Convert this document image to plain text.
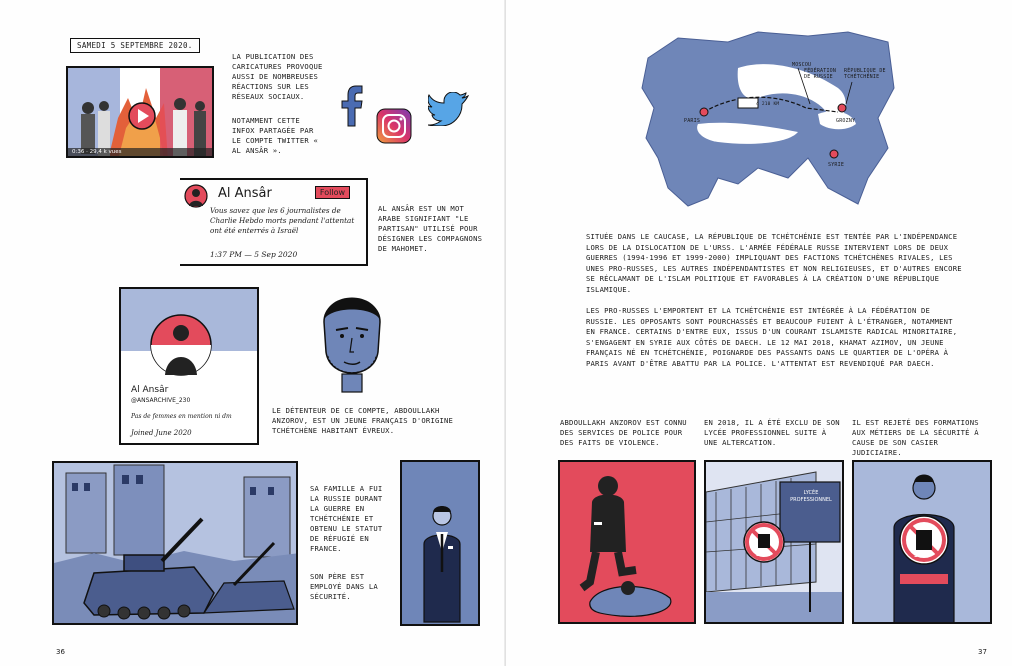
SAMEDI 5 SEPTEMBRE 2020.
0:36 · 29,4 k vues
LA PUBLICATION DES CARICATURES PROVOQUE AUSSI DE NOMBREUSES RÉACTIONS SUR LES RÉSEAUX SOCIAUX.
NOTAMMENT CETTE INFOX PARTAGÉE PAR LE COMPTE TWITTER « AL ANSÂR ».
Al Ansâr	Follow
Vous savez que les 6 journalistes de Charlie Hebdo morts pendant l'attentat ont été enterrés à Israël
1:37 PM — 5 Sep 2020
AL ANSÂR EST UN MOT ARABE SIGNIFIANT "LE PARTISAN" UTILISÉ POUR DÉSIGNER LES COMPAGNONS DE MAHOMET.
Al Ansâr
@ANSARCHIVE_230
Pas de femmes en mention ni dm
Joined June 2020
LE DÉTENTEUR DE CE COMPTE, ABDOULLAKH ANZOROV, EST UN JEUNE FRANÇAIS D'ORIGINE TCHÉTCHÈNE HABITANT ÉVREUX.
SA FAMILLE A FUI LA RUSSIE DURANT LA GUERRE EN TCHÉTCHÉNIE ET OBTENU LE STATUT DE RÉFUGIÉ EN FRANCE.
SON PÈRE EST EMPLOYÉ DANS LA SÉCURITÉ.
36
PARIS
MOSCOU
FÉDÉRATION DE RUSSIE
RÉPUBLIQUE DE TCHÉTCHÉNIE
4 210 KM
GROZNY
SYRIE
SITUÉE DANS LE CAUCASE, LA RÉPUBLIQUE DE TCHÉTCHÉNIE EST TENTÉE PAR L'INDÉPENDANCE LORS DE LA DISLOCATION DE L'URSS. L'ARMÉE FÉDÉRALE RUSSE INTERVIENT LORS DE DEUX GUERRES (1994-1996 ET 1999-2000) IMPLIQUANT DES FACTIONS TCHÉTCHÈNES RIVALES, LES UNES PRO-RUSSES, LES AUTRES INDÉPENDANTISTES ET NON RELIGIEUSES, ET D'AUTRES ENCORE SE RÉCLAMANT DE L'ISLAM POLITIQUE ET FAVORABLES À LA CRÉATION D'UNE RÉPUBLIQUE ISLAMIQUE.
LES PRO-RUSSES L'EMPORTENT ET LA TCHÉTCHÉNIE EST INTÉGRÉE À LA FÉDÉRATION DE RUSSIE. LES OPPOSANTS SONT POURCHASSÉS ET BEAUCOUP FUIENT À L'ÉTRANGER, NOTAMMENT EN FRANCE. CERTAINS D'ENTRE EUX, ISSUS D'UN COURANT ISLAMISTE RADICAL MINORITAIRE, S'ENGAGENT EN SYRIE AUX CÔTÉS DE DAECH. LE 12 MAI 2018, KHAMAT AZIMOV, UN JEUNE FRANÇAIS NÉ EN TCHÉTCHÉNIE, POIGNARDE DES PASSANTS DANS LE QUARTIER DE L'OPÉRA À PARIS AVANT D'ÊTRE ABATTU PAR LA POLICE. L'ATTENTAT EST REVENDIQUÉ PAR DAECH.
ABDOULLAKH ANZOROV EST CONNU DES SERVICES DE POLICE POUR DES FAITS DE VIOLENCE.
EN 2018, IL A ÉTÉ EXCLU DE SON LYCÉE PROFESSIONNEL SUITE À UNE ALTERCATION.
IL EST REJETÉ DES FORMATIONS AUX MÉTIERS DE LA SÉCURITÉ À CAUSE DE SON CASIER JUDICIAIRE.
LYCÉE PROFESSIONNEL
STOP	STOP
37
